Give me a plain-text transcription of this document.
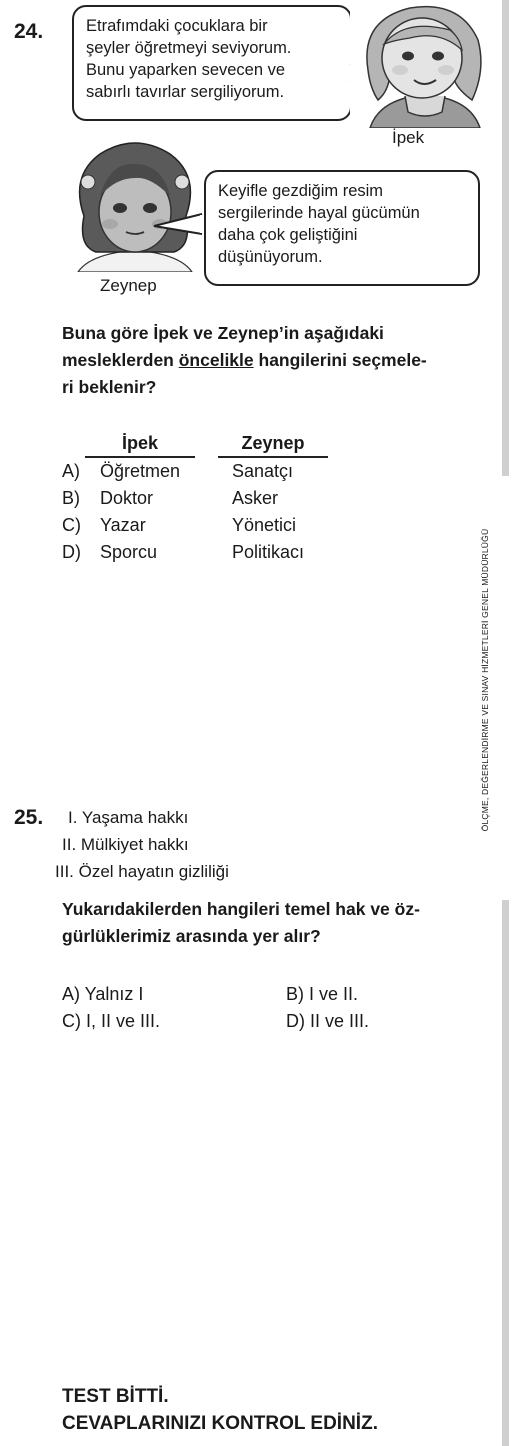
24.	Etrafımdaki çocuklara bir
şeyler öğretmeyi seviyorum.
Bunu yaparken sevecen ve
sabırlı tavırlar sergiliyorum.
İpek
Zeynep
Keyifle gezdiğim resim
sergilerinde hayal gücümün
daha çok geliştiğini
düşünüyorum.
Buna göre İpek ve Zeynep’in aşağıdaki
mesleklerden öncelikle hangilerini seçmele-
ri beklenir?
İpek	Zeynep
A) Öğretmen	Sanatçı
B) Doktor	Asker
C) Yazar	Yönetici
D) Sporcu	Politikacı
25. I. Yaşama hakkı
II. Mülkiyet hakkı
III. Özel hayatın gizliliği
Yukarıdakilerden hangileri temel hak ve öz-
gürlüklerimiz arasında yer alır?
A) Yalnız I	B) I ve II.
C) I, II ve III.	D) II ve III.
ÖLÇME, DEĞERLENDİRME VE SINAV HİZMETLERİ GENEL MÜDÜRLÜĞÜ
TEST BİTTİ.
CEVAPLARINIZI KONTROL EDİNİZ.
